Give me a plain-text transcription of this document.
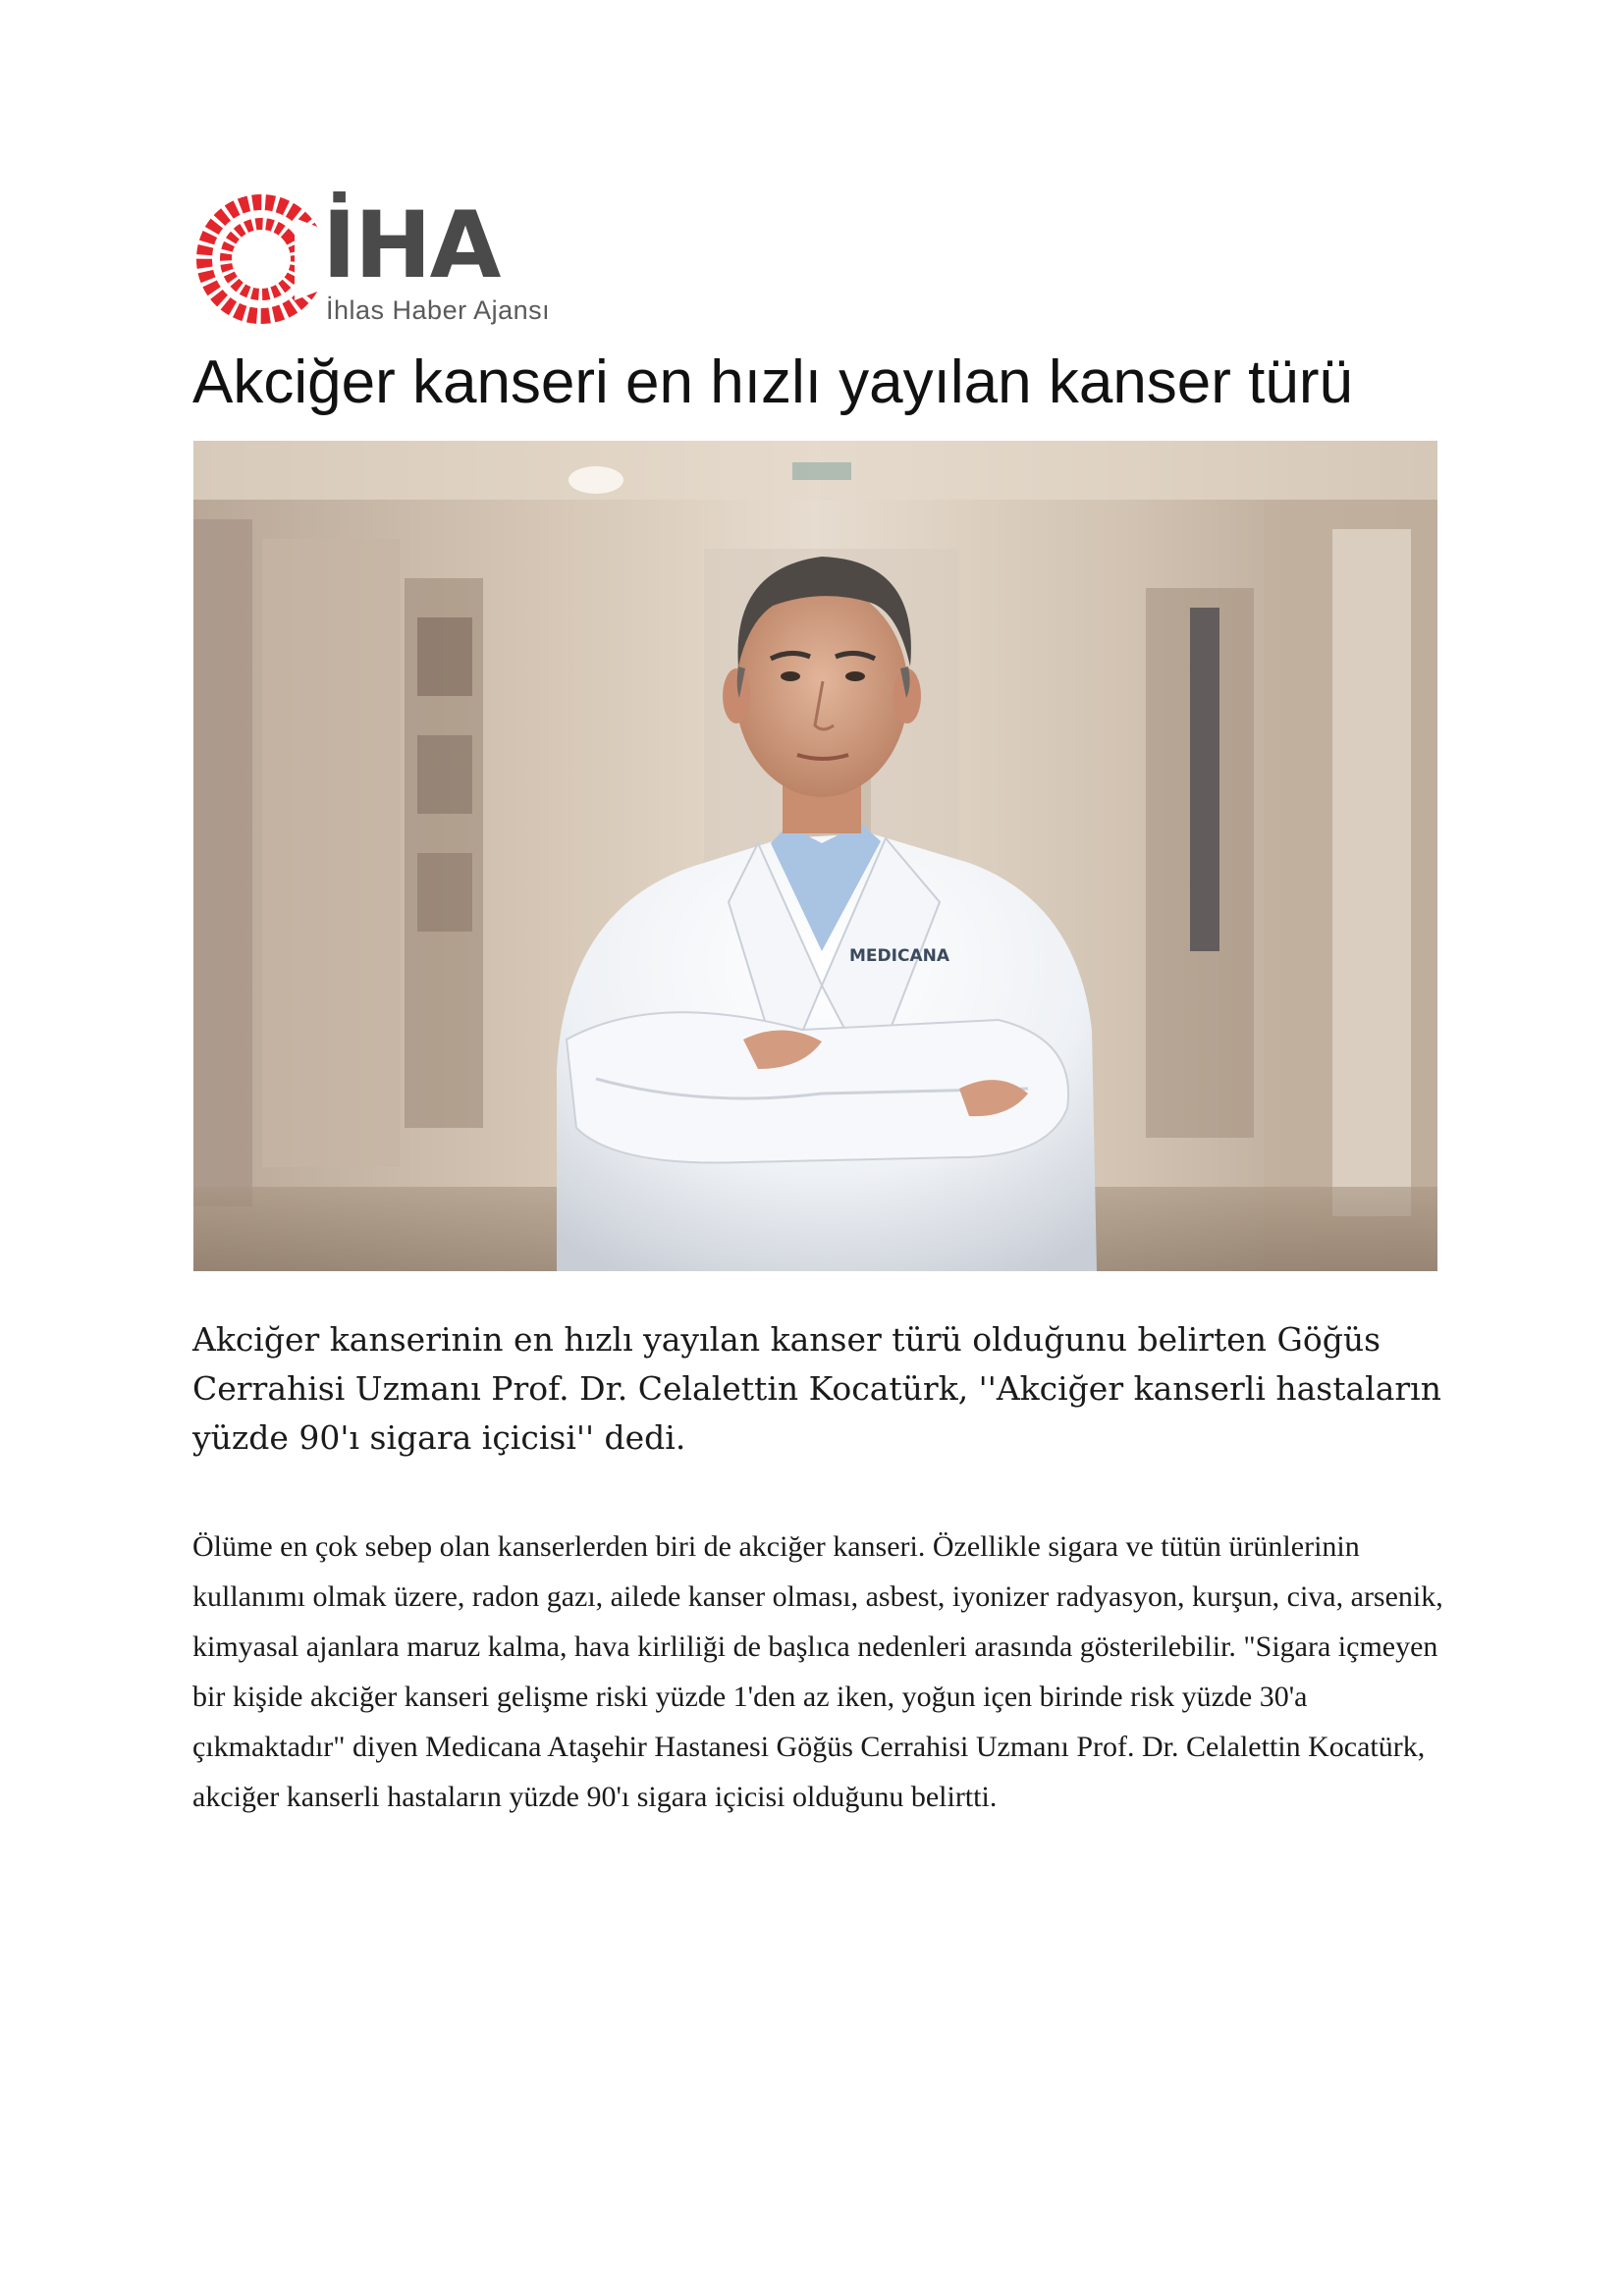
İHA
İhlas Haber Ajansı
Akciğer kanseri en hızlı yayılan kanser türü
MEDICANA

Akciğer kanserinin en hızlı yayılan kanser türü olduğunu belirten Göğüs Cerrahisi Uzmanı Prof. Dr. Celalettin Kocatürk, ''Akciğer kanserli hastaların yüzde 90'ı sigara içicisi'' dedi.

Ölüme en çok sebep olan kanserlerden biri de akciğer kanseri. Özellikle sigara ve tütün ürünlerinin kullanımı olmak üzere, radon gazı, ailede kanser olması, asbest, iyonizer radyasyon, kurşun, civa, arsenik, kimyasal ajanlara maruz kalma, hava kirliliği de başlıca nedenleri arasında gösterilebilir. "Sigara içmeyen bir kişide akciğer kanseri gelişme riski yüzde 1'den az iken, yoğun içen birinde risk yüzde 30'a çıkmaktadır" diyen Medicana Ataşehir Hastanesi Göğüs Cerrahisi Uzmanı Prof. Dr. Celalettin Kocatürk, akciğer kanserli hastaların yüzde 90'ı sigara içicisi olduğunu belirtti.
